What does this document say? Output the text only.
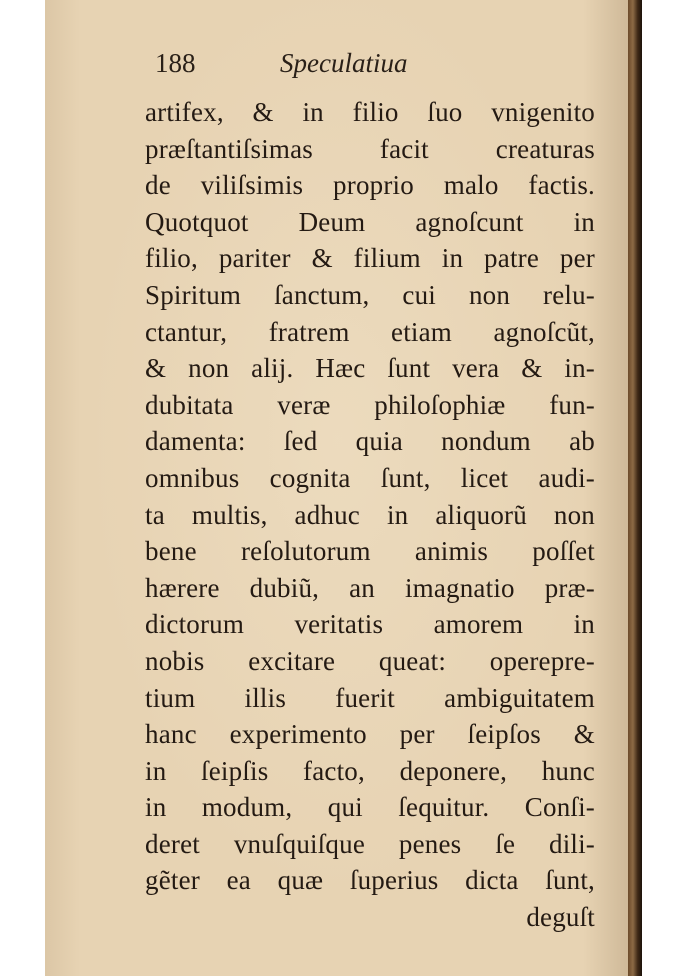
188	Speculatiua
artifex, & in filio ſuo vnigenito
præſtantiſsimas facit creaturas
de viliſsimis proprio malo factis.
Quotquot Deum agnoſcunt in
filio, pariter & filium in patre per
Spiritum ſanctum, cui non relu-
ctantur, fratrem etiam agnoſcũt,
& non alij. Hæc ſunt vera & in-
dubitata veræ philoſophiæ fun-
damenta: ſed quia nondum ab
omnibus cognita ſunt, licet audi-
ta multis, adhuc in aliquorũ non
bene reſolutorum animis poſſet
hærere dubiũ, an imagnatio præ-
dictorum veritatis amorem in
nobis excitare queat: operepre-
tium illis fuerit ambiguitatem
hanc experimento per ſeipſos &
in ſeipſis facto, deponere, hunc
in modum, qui ſequitur. Conſi-
deret vnuſquiſque penes ſe dili-
gẽter ea quæ ſuperius dicta ſunt,
deguſt
